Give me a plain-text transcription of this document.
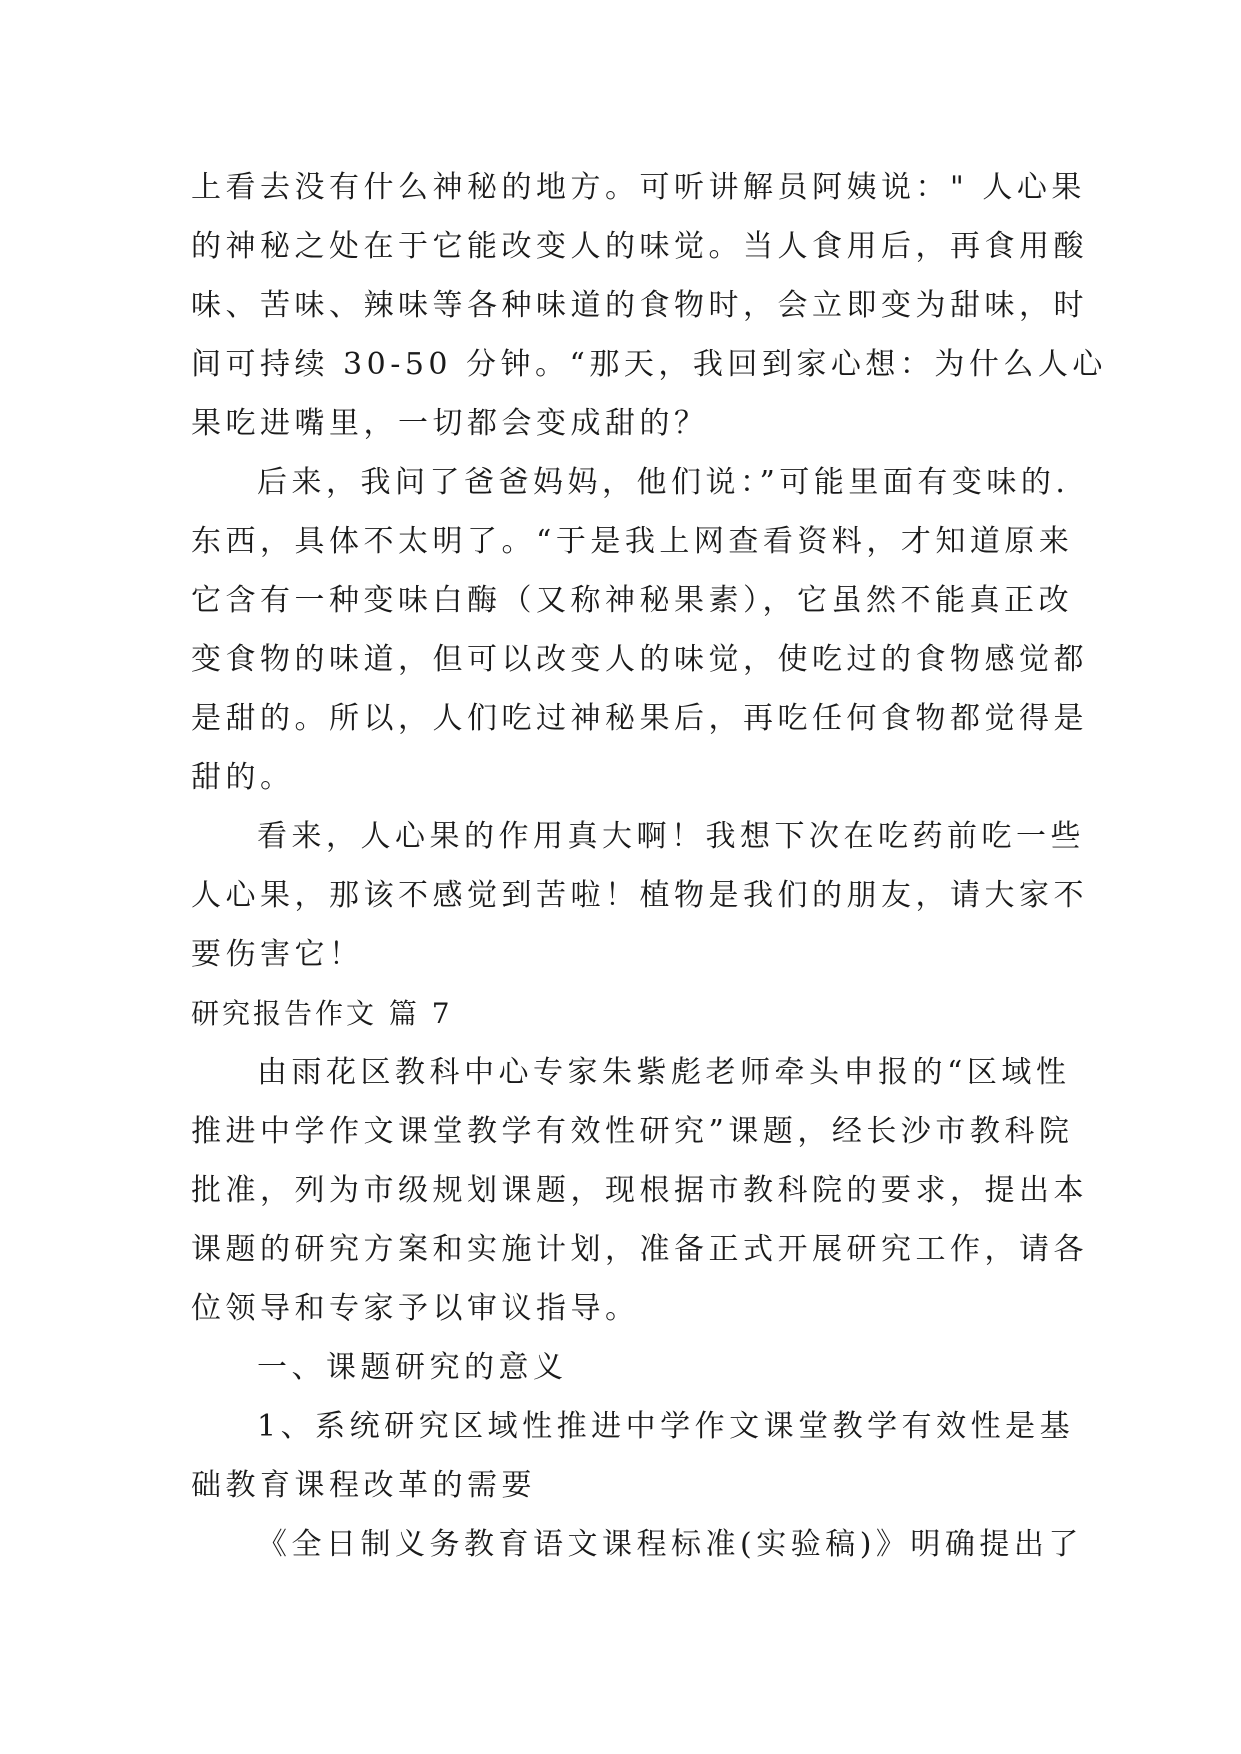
上看去没有什么神秘的地方。可听讲解员阿姨说：" 人心果
的神秘之处在于它能改变人的味觉。当人食用后，再食用酸
味、苦味、辣味等各种味道的食物时，会立即变为甜味，时
间可持续 30-50 分钟。“那天，我回到家心想：为什么人心
果吃进嘴里，一切都会变成甜的？
后来，我问了爸爸妈妈，他们说：”可能里面有变味的.
东西，具体不太明了。“于是我上网查看资料，才知道原来
它含有一种变味白酶（又称神秘果素），它虽然不能真正改
变食物的味道，但可以改变人的味觉，使吃过的食物感觉都
是甜的。所以，人们吃过神秘果后，再吃任何食物都觉得是
甜的。
看来，人心果的作用真大啊！我想下次在吃药前吃一些
人心果，那该不感觉到苦啦！植物是我们的朋友，请大家不
要伤害它！
研究报告作文 篇 7
由雨花区教科中心专家朱紫彪老师牵头申报的“区域性
推进中学作文课堂教学有效性研究”课题，经长沙市教科院
批准，列为市级规划课题，现根据市教科院的要求，提出本
课题的研究方案和实施计划，准备正式开展研究工作，请各
位领导和专家予以审议指导。
一、课题研究的意义
1、系统研究区域性推进中学作文课堂教学有效性是基
础教育课程改革的需要
《全日制义务教育语文课程标准(实验稿)》明确提出了
